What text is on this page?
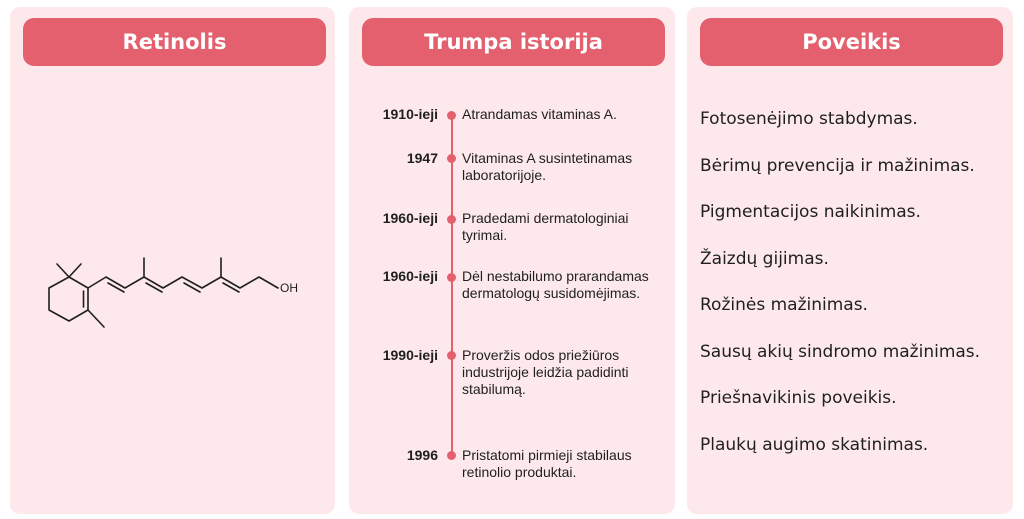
Retinolis
OH
Trumpa istorija
1910-ieji Atrandamas vitaminas A.
1947 Vitaminas A susintetinamas laboratorijoje.
1960-ieji Pradedami dermatologiniai tyrimai.
1960-ieji Dėl nestabilumo prarandamas dermatologų susidomėjimas.
1990-ieji Proveržis odos priežiūros industrijoje leidžia padidinti stabilumą.
1996 Pristatomi pirmieji stabilaus retinolio produktai.
Poveikis
Fotosenėjimo stabdymas.
Bėrimų prevencija ir mažinimas.
Pigmentacijos naikinimas.
Žaizdų gijimas.
Rožinės mažinimas.
Sausų akių sindromo mažinimas.
Priešnavikinis poveikis.
Plaukų augimo skatinimas.
